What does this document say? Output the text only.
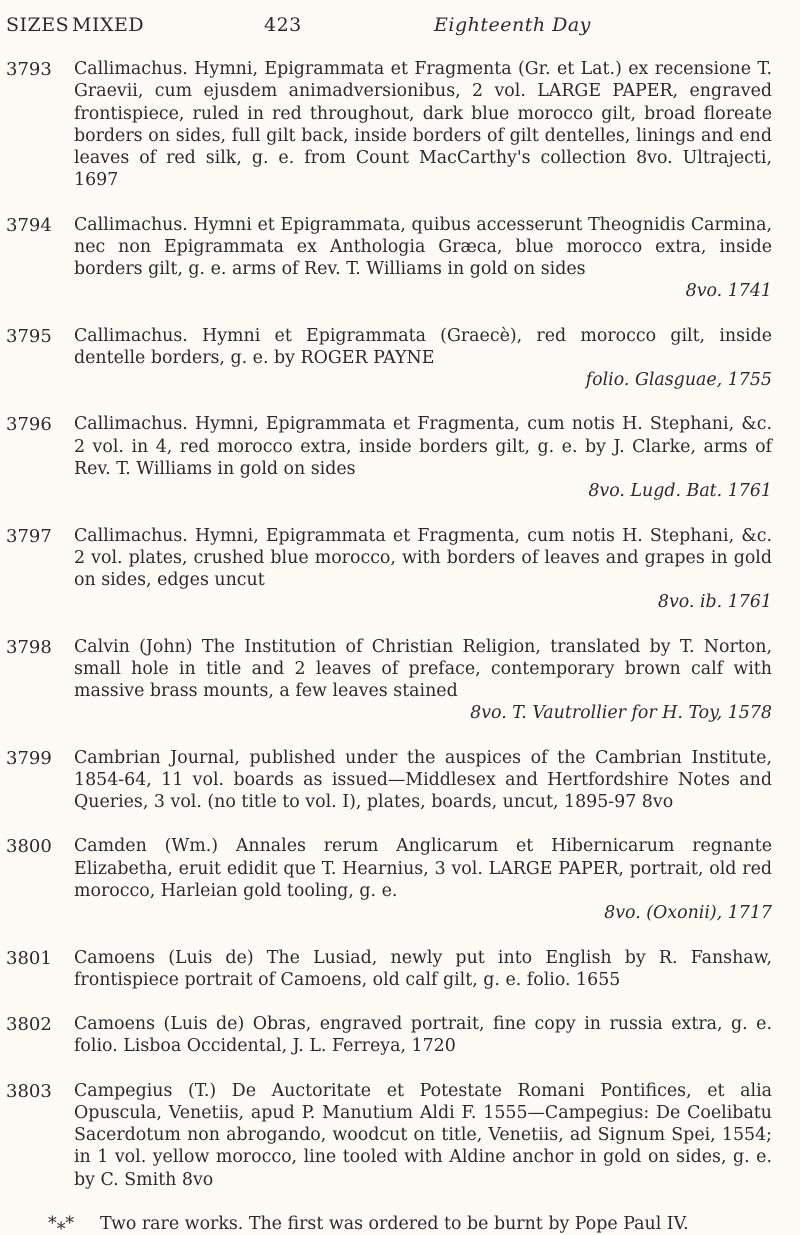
SIZES MIXED	423	Eighteenth Day
3793	Callimachus. Hymni, Epigrammata et Fragmenta (Gr. et Lat.) ex recensione T. Graevii, cum ejusdem animadversionibus, 2 vol. LARGE PAPER, engraved frontispiece, ruled in red throughout, dark blue morocco gilt, broad floreate borders on sides, full gilt back, inside borders of gilt dentelles, linings and end leaves of red silk, g. e. from Count MacCarthy's collection 8vo. Ultrajecti, 1697
3794	Callimachus. Hymni et Epigrammata, quibus accesserunt Theognidis Carmina, nec non Epigrammata ex Anthologia Græca, blue morocco extra, inside borders gilt, g. e. arms of Rev. T. Williams in gold on sides
8vo. 1741
3795	Callimachus. Hymni et Epigrammata (Graecè), red morocco gilt, inside dentelle borders, g. e. by ROGER PAYNE
folio. Glasguae, 1755
3796	Callimachus. Hymni, Epigrammata et Fragmenta, cum notis H. Stephani, &c. 2 vol. in 4, red morocco extra, inside borders gilt, g. e. by J. Clarke, arms of Rev. T. Williams in gold on sides
8vo. Lugd. Bat. 1761
3797	Callimachus. Hymni, Epigrammata et Fragmenta, cum notis H. Stephani, &c. 2 vol. plates, crushed blue morocco, with borders of leaves and grapes in gold on sides, edges uncut
8vo. ib. 1761
3798	Calvin (John) The Institution of Christian Religion, translated by T. Norton, small hole in title and 2 leaves of preface, contemporary brown calf with massive brass mounts, a few leaves stained
8vo. T. Vautrollier for H. Toy, 1578
3799	Cambrian Journal, published under the auspices of the Cambrian Institute, 1854-64, 11 vol. boards as issued—Middlesex and Hertfordshire Notes and Queries, 3 vol. (no title to vol. I), plates, boards, uncut, 1895-97 8vo
3800	Camden (Wm.) Annales rerum Anglicarum et Hibernicarum regnante Elizabetha, eruit edidit que T. Hearnius, 3 vol. LARGE PAPER, portrait, old red morocco, Harleian gold tooling, g. e.
8vo. (Oxonii), 1717
3801	Camoens (Luis de) The Lusiad, newly put into English by R. Fanshaw, frontispiece portrait of Camoens, old calf gilt, g. e. folio. 1655
3802	Camoens (Luis de) Obras, engraved portrait, fine copy in russia extra, g. e. folio. Lisboa Occidental, J. L. Ferreya, 1720
3803	Campegius (T.) De Auctoritate et Potestate Romani Pontifices, et alia Opuscula, Venetiis, apud P. Manutium Aldi F. 1555—Campegius: De Coelibatu Sacerdotum non abrogando, woodcut on title, Venetiis, ad Signum Spei, 1554; in 1 vol. yellow morocco, line tooled with Aldine anchor in gold on sides, g. e. by C. Smith 8vo
*⁎*	Two rare works. The first was ordered to be burnt by Pope Paul IV.
